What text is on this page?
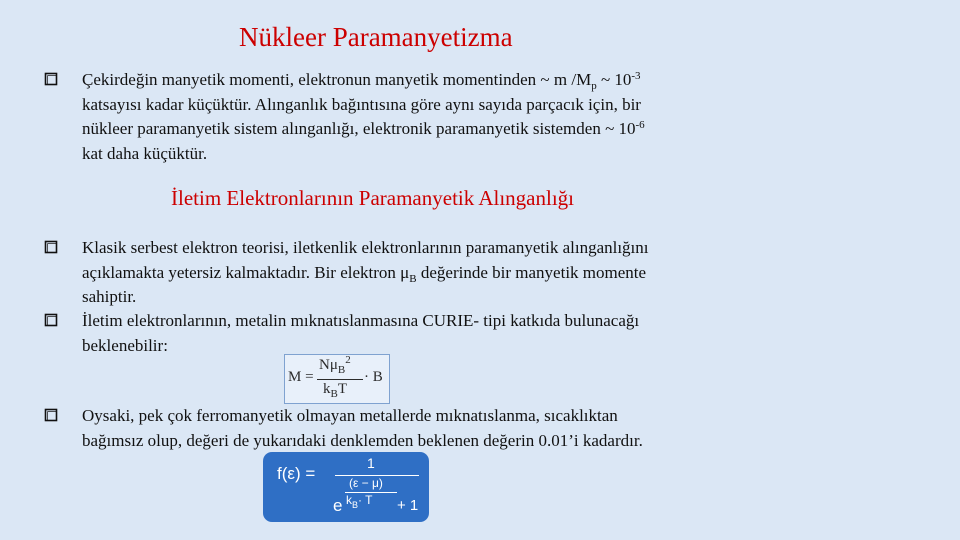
Nükleer Paramanyetizma

Çekirdeğin manyetik momenti, elektronun manyetik momentinden ~ m $/M_p$ ~ $10^{-3}$

katsayısı kadar küçüktür. Alınganlık bağıntısına göre aynı sayıda parçacık için, bir

nükleer paramanyetik sistem alınganlığı, elektronik paramanyetik sistemden ~ $10^{-6}$

kat daha küçüktür.

İletim Elektronlarının Paramanyetik Alınganlığı

Klasik serbest elektron teorisi, iletkenlik elektronlarının paramanyetik alınganlığını

açıklamakta yetersiz kalmaktadır. Bir elektron $\mu_B$ değerinde bir manyetik momente

sahiptir.

İletim elektronlarının, metalin mıknatıslanmasına CURIE- tipi katkıda bulunacağı

beklenebilir:

M =
$N\mu_B^2$
$k_BT$
· B

Oysaki, pek çok ferromanyetik olmayan metallerde mıknatıslanma, sıcaklıktan

bağımsız olup, değeri de yukarıdaki denklemden beklenen değerin 0.01’i kadardır.

f(ε) =
1
(ε − μ)
$k_B\cdot T$
e	+ 1
